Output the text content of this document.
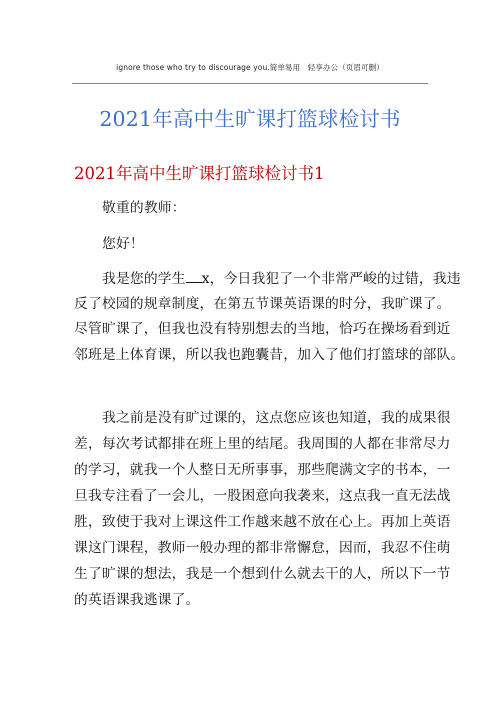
ignore those who try to discourage you.简单易用　轻享办公（页眉可删）
2021年高中生旷课打篮球检讨书
2021年高中生旷课打篮球检讨书1
敬重的教师：
您好！
我是您的学生 x，今日我犯了一个非常严峻的过错，我违
反了校园的规章制度，在第五节课英语课的时分，我旷课了。
尽管旷课了，但我也没有特别想去的当地，恰巧在操场看到近
邻班是上体育课，所以我也跑囊昔，加入了他们打篮球的部队。
我之前是没有旷过课的，这点您应该也知道，我的成果很
差，每次考试都排在班上里的结尾。我周围的人都在非常尽力
的学习，就我一个人整日无所事事，那些爬满文字的书本，一
旦我专注看了一会儿，一股困意向我袭来，这点我一直无法战
胜，致使于我对上课这件工作越来越不放在心上。再加上英语
课这门课程，教师一般办理的都非常懈怠，因而，我忍不住萌
生了旷课的想法，我是一个想到什么就去干的人，所以下一节
的英语课我逃课了。
